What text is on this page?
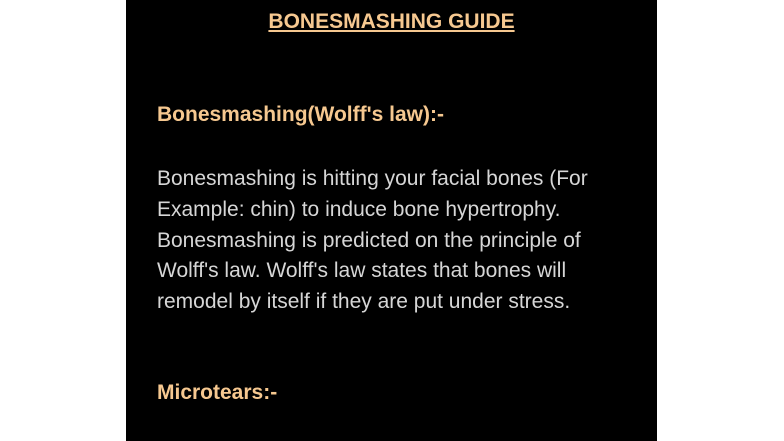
BONESMASHING GUIDE
Bonesmashing(Wolff's law):-

Bonesmashing is hitting your facial bones (For Example: chin) to induce bone hypertrophy. Bonesmashing is predicted on the principle of Wolff's law. Wolff's law states that bones will remodel by itself if they are put under stress.

Microtears:-
